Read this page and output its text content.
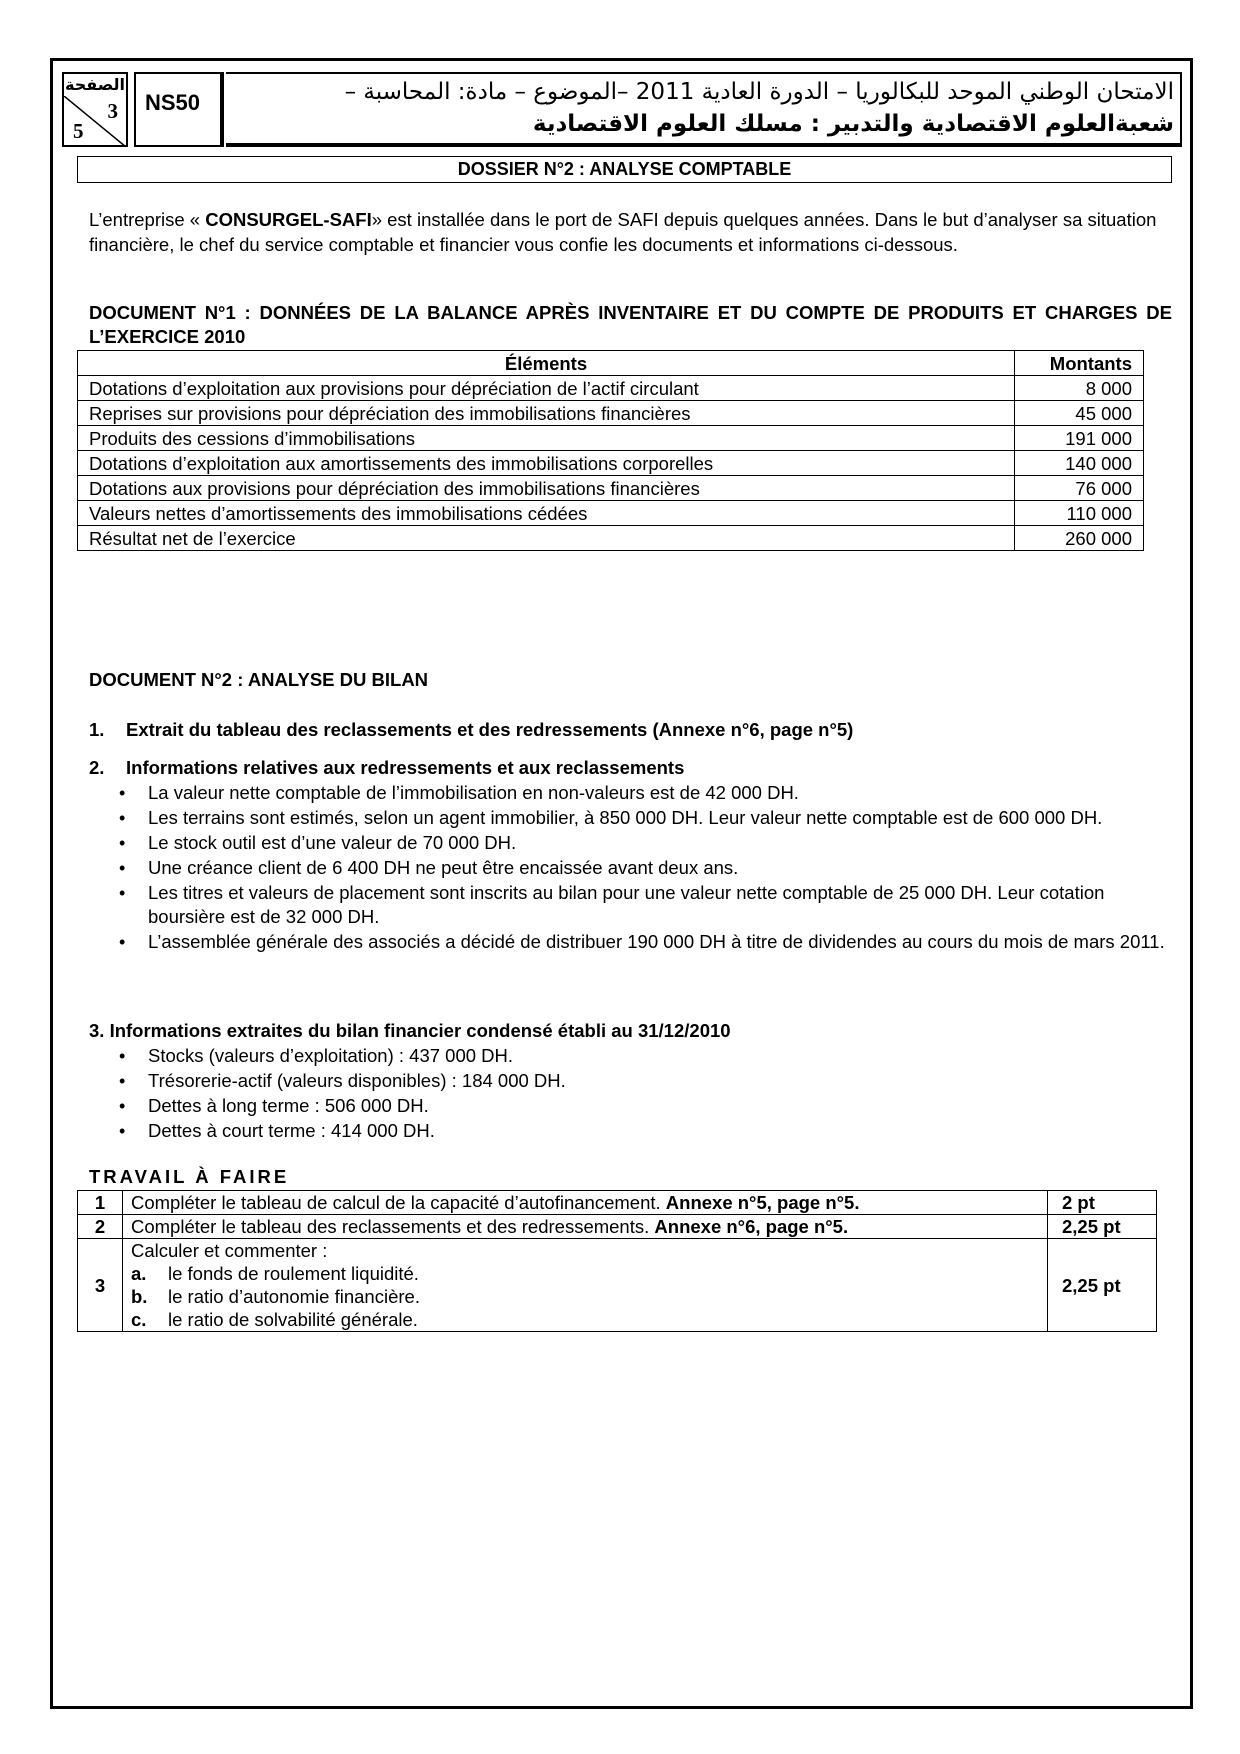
الصفحة
3
5
NS50	الامتحان الوطني الموحد للبكالوريا – الدورة العادية 2011 –الموضوع – مادة: المحاسبة –
شعبةالعلوم الاقتصادية والتدبير : مسلك العلوم الاقتصادية
DOSSIER N°2 : ANALYSE COMPTABLE

L’entreprise « CONSURGEL-SAFI» est installée dans le port de SAFI depuis quelques années. Dans le but d’analyser sa situation financière, le chef du service comptable et financier vous confie les documents et informations ci-dessous.

DOCUMENT N°1 : DONNÉES DE LA BALANCE APRÈS INVENTAIRE ET DU COMPTE DE PRODUITS ET CHARGES DE L’EXERCICE 2010

Éléments	Montants
Dotations d’exploitation aux provisions pour dépréciation de l’actif circulant	8 000
Reprises sur provisions pour dépréciation des immobilisations financières	45 000
Produits des cessions d’immobilisations	191 000
Dotations d’exploitation aux amortissements des immobilisations corporelles	140 000
Dotations aux provisions pour dépréciation des immobilisations financières	76 000
Valeurs nettes d’amortissements des immobilisations cédées	110 000
Résultat net de l’exercice	260 000

DOCUMENT N°2 : ANALYSE DU BILAN

1. Extrait du tableau des reclassements et des redressements (Annexe n°6, page n°5)

2. Informations relatives aux redressements et aux reclassements

• La valeur nette comptable de l’immobilisation en non-valeurs est de 42 000 DH.
• Les terrains sont estimés, selon un agent immobilier, à 850 000 DH. Leur valeur nette comptable est de 600 000 DH.
• Le stock outil est d’une valeur de 70 000 DH.
• Une créance client de 6 400 DH ne peut être encaissée avant deux ans.
• Les titres et valeurs de placement sont inscrits au bilan pour une valeur nette comptable de 25 000 DH. Leur cotation boursière est de 32 000 DH.
• L’assemblée générale des associés a décidé de distribuer 190 000 DH à titre de dividendes au cours du mois de mars 2011.

3. Informations extraites du bilan financier condensé établi au 31/12/2010

• Stocks (valeurs d’exploitation) : 437 000 DH.
• Trésorerie-actif (valeurs disponibles) : 184 000 DH.
• Dettes à long terme : 506 000 DH.
• Dettes à court terme : 414 000 DH.

TRAVAIL À FAIRE

1	Compléter le tableau de calcul de la capacité d’autofinancement. Annexe n°5, page n°5.	2 pt
2	Compléter le tableau des reclassements et des redressements. Annexe n°6, page n°5.	2,25 pt
3	Calculer et commenter :
a. le fonds de roulement liquidité.
b. le ratio d’autonomie financière.
c. le ratio de solvabilité générale.	2,25 pt
